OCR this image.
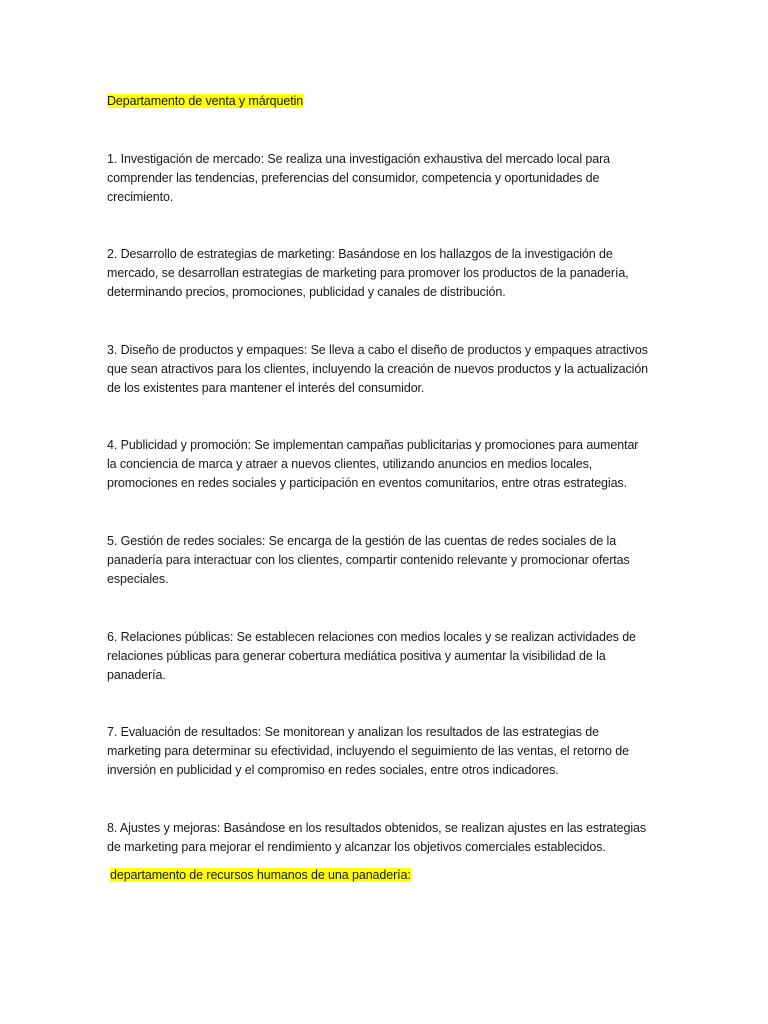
Departamento de venta y márquetin
1. Investigación de mercado: Se realiza una investigación exhaustiva del mercado local para
comprender las tendencias, preferencias del consumidor, competencia y oportunidades de
crecimiento.
2. Desarrollo de estrategias de marketing: Basándose en los hallazgos de la investigación de
mercado, se desarrollan estrategias de marketing para promover los productos de la panadería,
determinando precios, promociones, publicidad y canales de distribución.
3. Diseño de productos y empaques: Se lleva a cabo el diseño de productos y empaques atractivos
que sean atractivos para los clientes, incluyendo la creación de nuevos productos y la actualización
de los existentes para mantener el interés del consumidor.
4. Publicidad y promoción: Se implementan campañas publicitarias y promociones para aumentar
la conciencia de marca y atraer a nuevos clientes, utilizando anuncios en medios locales,
promociones en redes sociales y participación en eventos comunitarios, entre otras estrategias.
5. Gestión de redes sociales: Se encarga de la gestión de las cuentas de redes sociales de la
panadería para interactuar con los clientes, compartir contenido relevante y promocionar ofertas
especiales.
6. Relaciones públicas: Se establecen relaciones con medios locales y se realizan actividades de
relaciones públicas para generar cobertura mediática positiva y aumentar la visibilidad de la
panadería.
7. Evaluación de resultados: Se monitorean y analizan los resultados de las estrategias de
marketing para determinar su efectividad, incluyendo el seguimiento de las ventas, el retorno de
inversión en publicidad y el compromiso en redes sociales, entre otros indicadores.
8. Ajustes y mejoras: Basándose en los resultados obtenidos, se realizan ajustes en las estrategias
de marketing para mejorar el rendimiento y alcanzar los objetivos comerciales establecidos.
departamento de recursos humanos de una panadería:
